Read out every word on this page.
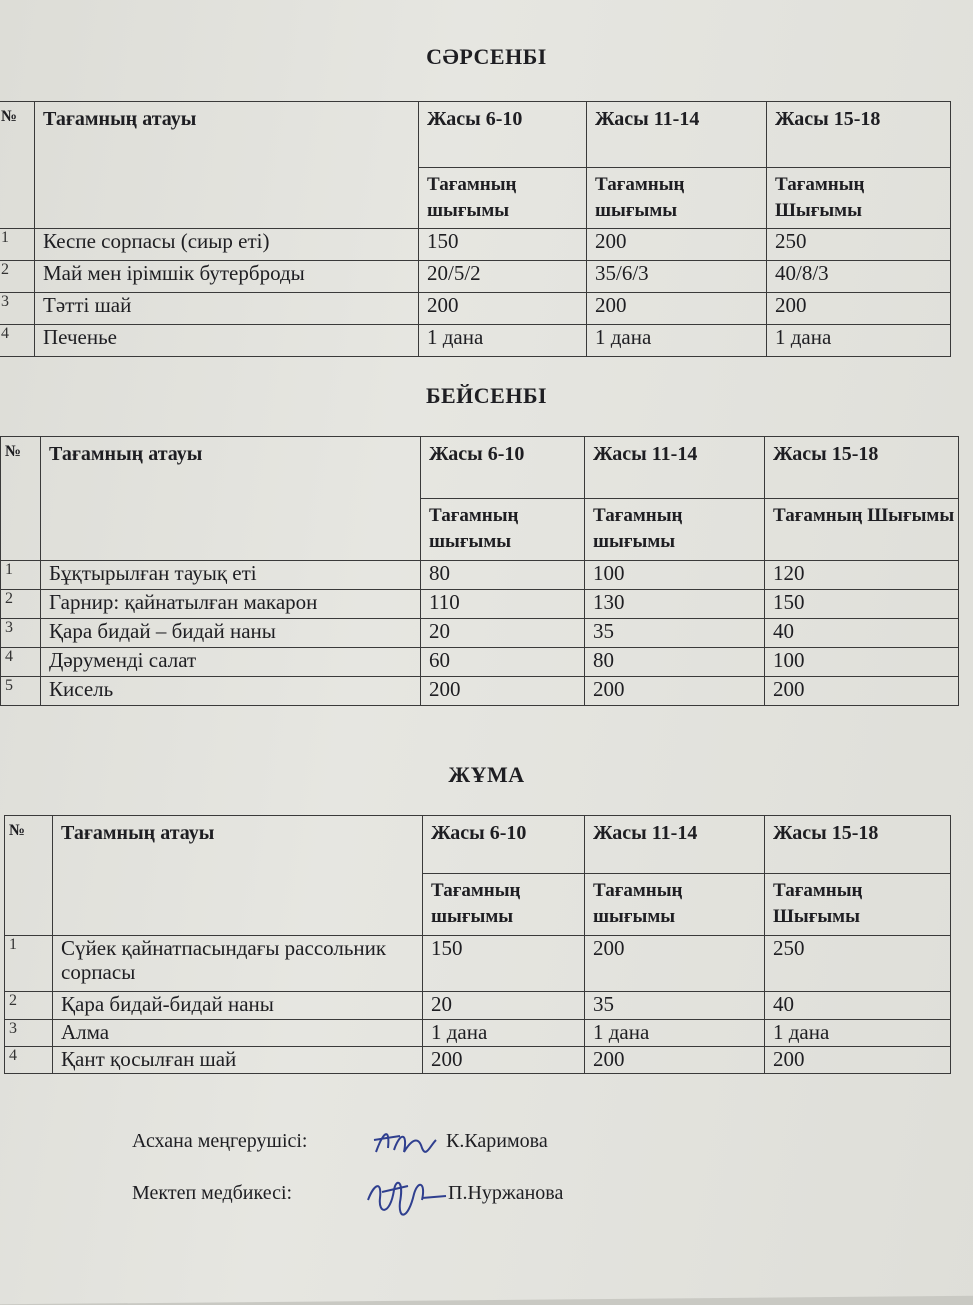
СӘРСЕНБІ
№	Тағамның атауы	Жасы 6-10	Жасы 11-14	Жасы 15-18
		Тағамның шығымы	Тағамның шығымы	Тағамның Шығымы
1	Кеспе сорпасы (сиыр еті)	150	200	250
2	Май мен ірімшік бутерброды	20/5/2	35/6/3	40/8/3
3	Тәтті шай	200	200	200
4	Печенье	1 дана	1 дана	1 дана
БЕЙСЕНБІ
№	Тағамның атауы	Жасы 6-10	Жасы 11-14	Жасы 15-18
		Тағамның шығымы	Тағамның шығымы	Тағамның Шығымы
1	Бұқтырылған тауық еті	80	100	120
2	Гарнир: қайнатылған макарон	110	130	150
3	Қара бидай – бидай наны	20	35	40
4	Дәруменді салат	60	80	100
5	Кисель	200	200	200
ЖҰМА
№	Тағамның атауы	Жасы 6-10	Жасы 11-14	Жасы 15-18
		Тағамның шығымы	Тағамның шығымы	Тағамның Шығымы
1	Сүйек қайнатпасындағы рассольник сорпасы	150	200	250
2	Қара бидай-бидай наны	20	35	40
3	Алма	1 дана	1 дана	1 дана
4	Қант қосылған шай	200	200	200
Асхана меңгерушісі:	К.Каримова
Мектеп медбикесі:	П.Нуржанова
